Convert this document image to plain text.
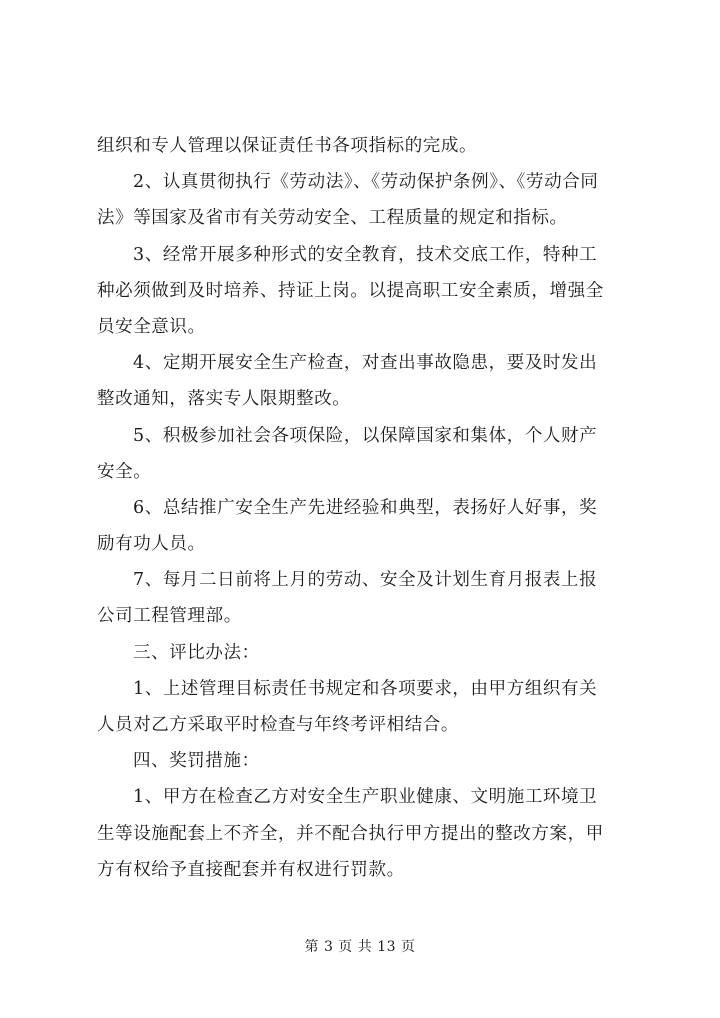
组织和专人管理以保证责任书各项指标的完成。
2、认真贯彻执行《劳动法》、《劳动保护条例》、《劳动合同
法》等国家及省市有关劳动安全、工程质量的规定和指标。
3、经常开展多种形式的安全教育，技术交底工作，特种工
种必须做到及时培养、持证上岗。以提高职工安全素质，增强全
员安全意识。
4、定期开展安全生产检查，对查出事故隐患，要及时发出
整改通知，落实专人限期整改。
5、积极参加社会各项保险，以保障国家和集体，个人财产
安全。
6、总结推广安全生产先进经验和典型，表扬好人好事，奖
励有功人员。
7、每月二日前将上月的劳动、安全及计划生育月报表上报
公司工程管理部。
三、评比办法：
1、上述管理目标责任书规定和各项要求，由甲方组织有关
人员对乙方采取平时检查与年终考评相结合。
四、奖罚措施：
1、甲方在检查乙方对安全生产职业健康、文明施工环境卫
生等设施配套上不齐全，并不配合执行甲方提出的整改方案，甲
方有权给予直接配套并有权进行罚款。
第 3 页 共 13 页
